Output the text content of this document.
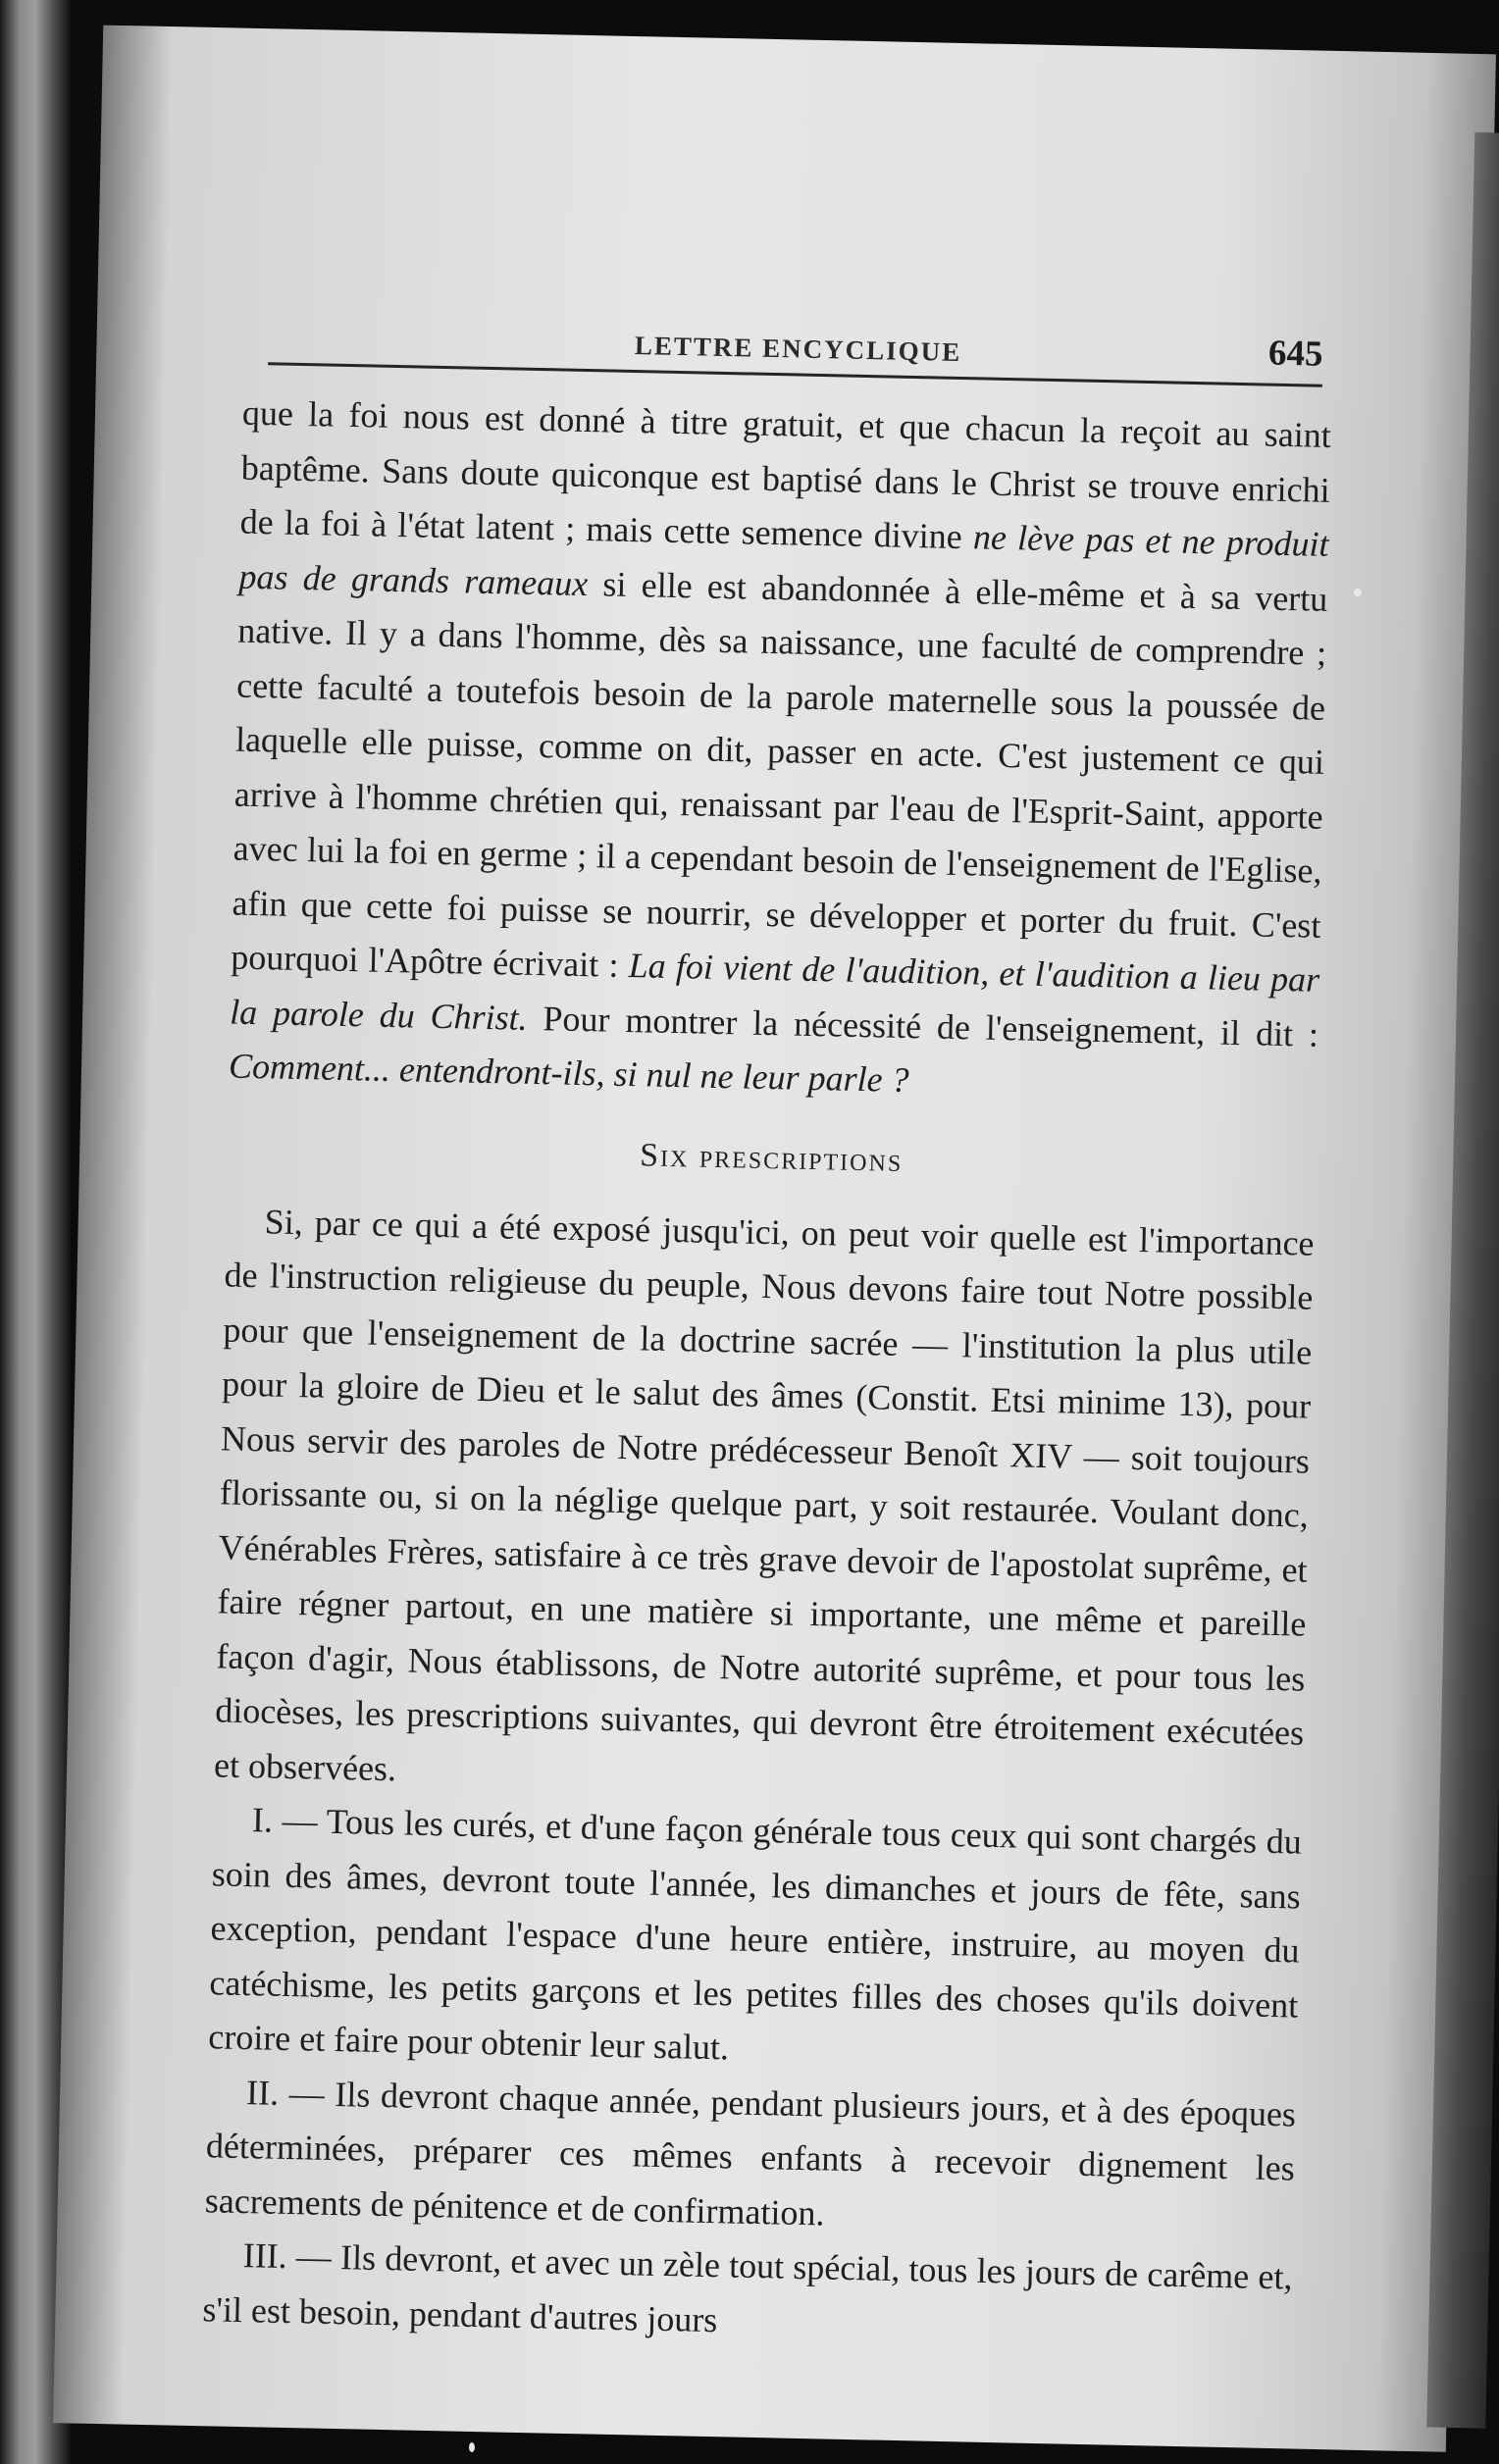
LETTRE ENCYCLIQUE	645

que la foi nous est donné à titre gratuit, et que chacun la reçoit au saint baptême. Sans doute quiconque est baptisé dans le Christ se trouve enrichi de la foi à l'état latent ; mais cette semence divine ne lève pas et ne produit pas de grands rameaux si elle est abandonnée à elle-même et à sa vertu native. Il y a dans l'homme, dès sa naissance, une faculté de comprendre ; cette faculté a toutefois besoin de la parole maternelle sous la poussée de laquelle elle puisse, comme on dit, passer en acte. C'est justement ce qui arrive à l'homme chrétien qui, renaissant par l'eau de l'Esprit-Saint, apporte avec lui la foi en germe ; il a cependant besoin de l'enseignement de l'Eglise, afin que cette foi puisse se nourrir, se développer et porter du fruit. C'est pourquoi l'Apôtre écrivait : La foi vient de l'audition, et l'audition a lieu par la parole du Christ. Pour montrer la nécessité de l'enseignement, il dit : Comment... entendront-ils, si nul ne leur parle ?

Six prescriptions

Si, par ce qui a été exposé jusqu'ici, on peut voir quelle est l'importance de l'instruction religieuse du peuple, Nous devons faire tout Notre possible pour que l'enseignement de la doctrine sacrée — l'institution la plus utile pour la gloire de Dieu et le salut des âmes (Constit. Etsi minime 13), pour Nous servir des paroles de Notre prédécesseur Benoît XIV — soit toujours florissante ou, si on la néglige quelque part, y soit restaurée. Voulant donc, Vénérables Frères, satisfaire à ce très grave devoir de l'apostolat suprême, et faire régner partout, en une matière si importante, une même et pareille façon d'agir, Nous établissons, de Notre autorité suprême, et pour tous les diocèses, les prescriptions suivantes, qui devront être étroitement exécutées et observées.

I. — Tous les curés, et d'une façon générale tous ceux qui sont chargés du soin des âmes, devront toute l'année, les dimanches et jours de fête, sans exception, pendant l'espace d'une heure entière, instruire, au moyen du catéchisme, les petits garçons et les petites filles des choses qu'ils doivent croire et faire pour obtenir leur salut.

II. — Ils devront chaque année, pendant plusieurs jours, et à des époques déterminées, préparer ces mêmes enfants à recevoir dignement les sacrements de pénitence et de confirmation.

III. — Ils devront, et avec un zèle tout spécial, tous les jours de carême et, s'il est besoin, pendant d'autres jours
